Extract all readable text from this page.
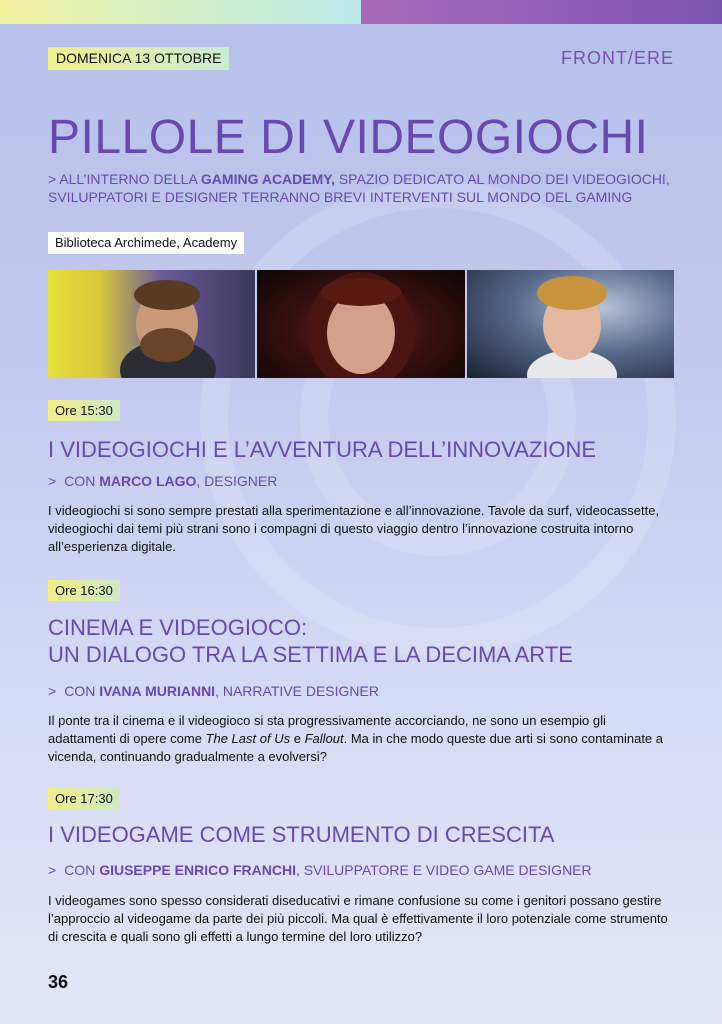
DOMENICA 13 OTTOBRE	FRONT/ERE
PILLOLE DI VIDEOGIOCHI
> ALL’INTERNO DELLA GAMING ACADEMY, SPAZIO DEDICATO AL MONDO DEI VIDEOGIOCHI, SVILUPPATORI E DESIGNER TERRANNO BREVI INTERVENTI SUL MONDO DEL GAMING
Biblioteca Archimede, Academy
Ore 15:30
I VIDEOGIOCHI E L’AVVENTURA DELL’INNOVAZIONE
> CON MARCO LAGO, DESIGNER
I videogiochi si sono sempre prestati alla sperimentazione e all’innovazione. Tavole da surf, videocassette, videogiochi dai temi più strani sono i compagni di questo viaggio dentro l’innovazione costruita intorno all’esperienza digitale.
Ore 16:30
CINEMA E VIDEOGIOCO:
UN DIALOGO TRA LA SETTIMA E LA DECIMA ARTE
> CON IVANA MURIANNI, NARRATIVE DESIGNER
Il ponte tra il cinema e il videogioco si sta progressivamente accorciando, ne sono un esempio gli adattamenti di opere come The Last of Us e Fallout. Ma in che modo queste due arti si sono contaminate a vicenda, continuando gradualmente a evolversi?
Ore 17:30
I VIDEOGAME COME STRUMENTO DI CRESCITA
> CON GIUSEPPE ENRICO FRANCHI, SVILUPPATORE E VIDEO GAME DESIGNER
I videogames sono spesso considerati diseducativi e rimane confusione su come i genitori possano gestire l’approccio al videogame da parte dei più piccoli. Ma qual è effettivamente il loro potenziale come strumento di crescita e quali sono gli effetti a lungo termine del loro utilizzo?
36
